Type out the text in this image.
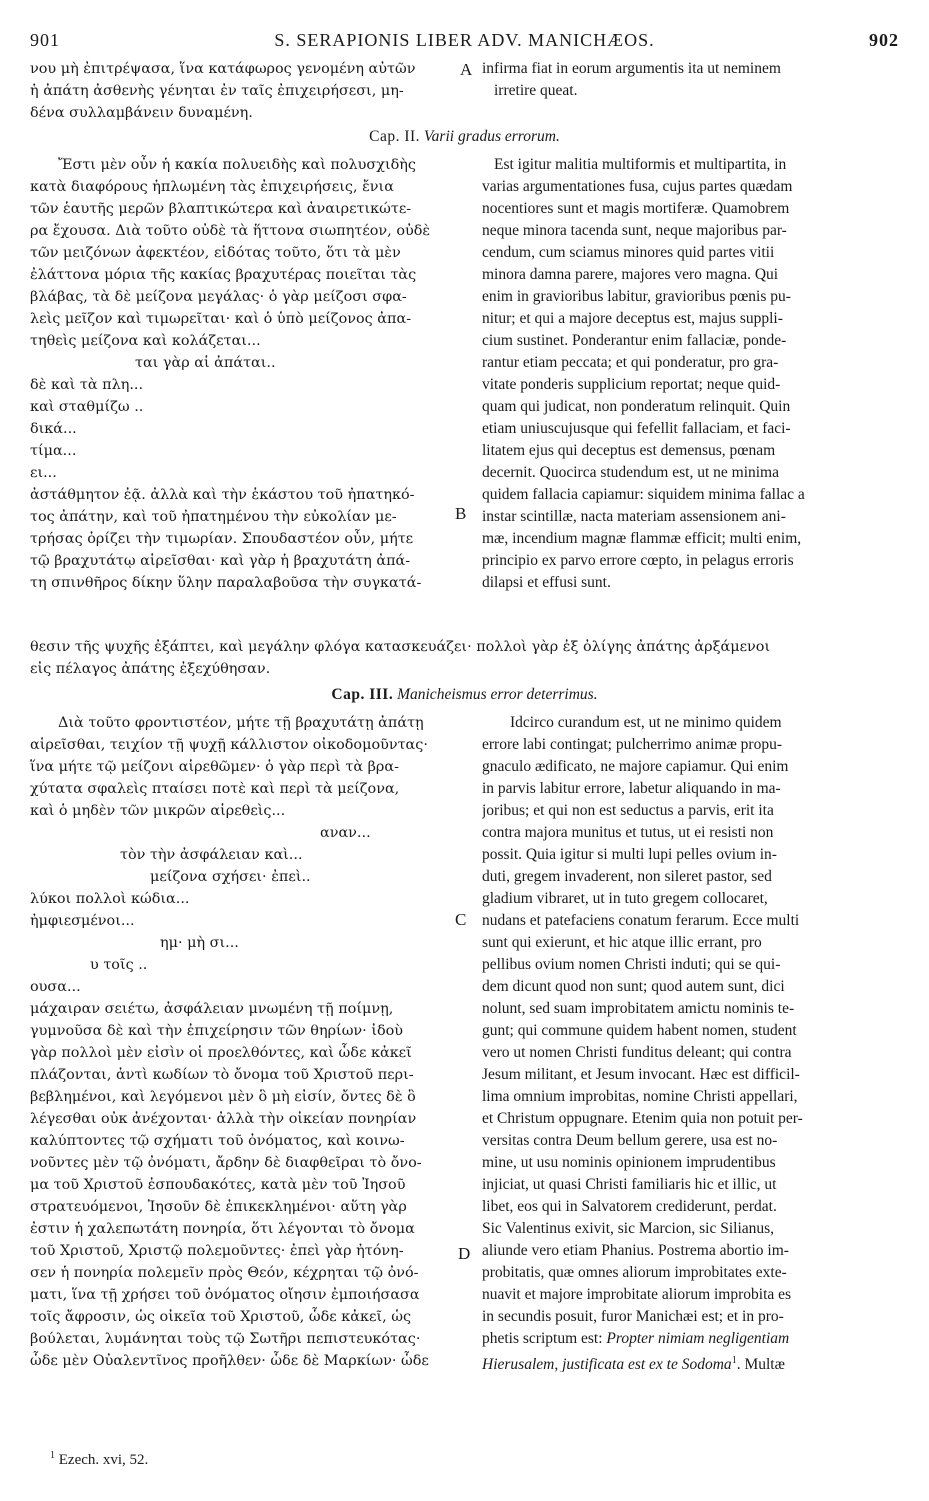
901	S. SERAPIONIS LIBER ADV. MANICHÆOS.	902
νου μὴ ἐπιτρέψασα, ἵνα κατάφωρος γενομένη αὐτῶν
ἡ ἀπάτη ἀσθενὴς γένηται ἐν ταῖς ἐπιχειρήσεσι, μη-
δένα συλλαμβάνειν δυναμένη.
A infirma fiat in eorum argumentis ita ut neminem
irretire queat.
Cap. II. Varii gradus errorum.
Ἔστι μὲν οὖν ἡ κακία πολυειδὴς καὶ πολυσχιδὴς
κατὰ διαφόρους ἡπλωμένη τὰς ἐπιχειρήσεις, ἔνια
τῶν ἑαυτῆς μερῶν βλαπτικώτερα καὶ ἀναιρετικώτε-
ρα ἔχουσα. Διὰ τοῦτο οὐδὲ τὰ ἥττονα σιωπητέον, οὐδὲ
τῶν μειζόνων ἀφεκτέον, εἰδότας τοῦτο, ὅτι τὰ μὲν
ἐλάττονα μόρια τῆς κακίας βραχυτέρας ποιεῖται τὰς
βλάβας, τὰ δὲ μείζονα μεγάλας· ὁ γὰρ μείζοσι σφα-
λεὶς μεῖζον καὶ τιμωρεῖται· καὶ ὁ ὑπὸ μείζονος ἀπα-
τηθεὶς μείζονα καὶ κολάζεται...
ται γὰρ αἱ ἀπάται..
δὲ καὶ τὰ πλη...
καὶ σταθμίζω ..
δικά...
τίμα...
ει...
ἀστάθμητον ἐᾷ. ἀλλὰ καὶ τὴν ἑκάστου τοῦ ἠπατηκό-
τος ἀπάτην, καὶ τοῦ ἠπατημένου τὴν εὐκολίαν με-
τρήσας ὁρίζει τὴν τιμωρίαν. Σπουδαστέον οὖν, μήτε
τῷ βραχυτάτῳ αἱρεῖσθαι· καὶ γὰρ ἡ βραχυτάτη ἀπά-
τη σπινθῆρος δίκην ὕλην παραλαβοῦσα τὴν συγκατά-
B
Est igitur malitia multiformis et multipartita, in
varias argumentationes fusa, cujus partes quædam
nocentiores sunt et magis mortiferæ. Quamobrem
neque minora tacenda sunt, neque majoribus par-
cendum, cum sciamus minores quid partes vitii
minora damna parere, majores vero magna. Qui
enim in gravioribus labitur, gravioribus pœnis pu-
nitur; et qui a majore deceptus est, majus suppli-
cium sustinet. Ponderantur enim fallaciæ, ponde-
rantur etiam peccata; et qui ponderatur, pro gra-
vitate ponderis supplicium reportat; neque quid-
quam qui judicat, non ponderatum relinquit. Quin
etiam uniuscujusque qui fefellit fallaciam, et faci-
litatem ejus qui deceptus est demensus, pœnam
decernit. Quocirca studendum est, ut ne minima
quidem fallacia capiamur: siquidem minima fallac a
instar scintillæ, nacta materiam assensionem ani-
mæ, incendium magnæ flammæ efficit; multi enim,
principio ex parvo errore cœpto, in pelagus erroris
dilapsi et effusi sunt.
θεσιν τῆς ψυχῆς ἐξάπτει, καὶ μεγάλην φλόγα κατασκευάζει· πολλοὶ γὰρ ἐξ ὀλίγης ἀπάτης ἀρξάμενοι
εἰς πέλαγος ἀπάτης ἐξεχύθησαν.
Cap. III. Manicheismus error deterrimus.
Διὰ τοῦτο φροντιστέον, μήτε τῇ βραχυτάτῃ ἀπάτῃ
αἱρεῖσθαι, τειχίον τῇ ψυχῇ κάλλιστον οἰκοδομοῦντας·
ἵνα μήτε τῷ μείζονι αἱρεθῶμεν· ὁ γὰρ περὶ τὰ βρα-
χύτατα σφαλεὶς πταίσει ποτὲ καὶ περὶ τὰ μείζονα,
καὶ ὁ μηδὲν τῶν μικρῶν αἱρεθεὶς...
αναν...
τὸν τὴν ἀσφάλειαν καὶ...
μείζονα σχήσει· ἐπεὶ..
λύκοι πολλοὶ κώδια...
ἠμφιεσμένοι...
ημ· μὴ σι...
υ τοῖς ..
ουσα...
μάχαιραν σειέτω, ἀσφάλειαν μνωμένη τῇ ποίμνῃ,
γυμνοῦσα δὲ καὶ τὴν ἐπιχείρησιν τῶν θηρίων· ἰδοὺ
γὰρ πολλοὶ μὲν εἰσὶν οἱ προελθόντες, καὶ ὧδε κἀκεῖ
πλάζονται, ἀντὶ κωδίων τὸ ὄνομα τοῦ Χριστοῦ περι-
βεβλημένοι, καὶ λεγόμενοι μὲν ὃ μὴ εἰσίν, ὄντες δὲ ὃ
λέγεσθαι οὐκ ἀνέχονται· ἀλλὰ τὴν οἰκείαν πονηρίαν
καλύπτοντες τῷ σχήματι τοῦ ὀνόματος, καὶ κοινω-
νοῦντες μὲν τῷ ὀνόματι, ἄρδην δὲ διαφθεῖραι τὸ ὄνο-
μα τοῦ Χριστοῦ ἐσπουδακότες, κατὰ μὲν τοῦ Ἰησοῦ
στρατευόμενοι, Ἰησοῦν δὲ ἐπικεκλημένοι· αὕτη γὰρ
ἐστιν ἡ χαλεπωτάτη πονηρία, ὅτι λέγονται τὸ ὄνομα
τοῦ Χριστοῦ, Χριστῷ πολεμοῦντες· ἐπεὶ γὰρ ἠτόνη-
σεν ἡ πονηρία πολεμεῖν πρὸς Θεόν, κέχρηται τῷ ὀνό-
ματι, ἵνα τῇ χρήσει τοῦ ὀνόματος οἴησιν ἐμποιήσασα
τοῖς ἄφροσιν, ὡς οἰκεῖα τοῦ Χριστοῦ, ὧδε κἀκεῖ, ὡς
βούλεται, λυμάνηται τοὺς τῷ Σωτῆρι πεπιστευκότας·
ὧδε μὲν Οὐαλεντῖνος προῆλθεν· ὧδε δὲ Μαρκίων· ὧδε
C
D
Idcirco curandum est, ut ne minimo quidem
errore labi contingat; pulcherrimo animæ propu-
gnaculo ædificato, ne majore capiamur. Qui enim
in parvis labitur errore, labetur aliquando in ma-
joribus; et qui non est seductus a parvis, erit ita
contra majora munitus et tutus, ut ei resisti non
possit. Quia igitur si multi lupi pelles ovium in-
duti, gregem invaderent, non sileret pastor, sed
gladium vibraret, ut in tuto gregem collocaret,
nudans et patefaciens conatum ferarum. Ecce multi
sunt qui exierunt, et hic atque illic errant, pro
pellibus ovium nomen Christi induti; qui se qui-
dem dicunt quod non sunt; quod autem sunt, dici
nolunt, sed suam improbitatem amictu nominis te-
gunt; qui commune quidem habent nomen, student
vero ut nomen Christi funditus deleant; qui contra
Jesum militant, et Jesum invocant. Hæc est difficil-
lima omnium improbitas, nomine Christi appellari,
et Christum oppugnare. Etenim quia non potuit per-
versitas contra Deum bellum gerere, usa est no-
mine, ut usu nominis opinionem imprudentibus
injiciat, ut quasi Christi familiaris hic et illic, ut
libet, eos qui in Salvatorem crediderunt, perdat.
Sic Valentinus exivit, sic Marcion, sic Silianus,
aliunde vero etiam Phanius. Postrema abortio im-
probitatis, quæ omnes aliorum improbitates exte-
nuavit et majore improbitate aliorum improbita es
in secundis posuit, furor Manichæi est; et in pro-
phetis scriptum est: Propter nimiam negligentiam
Hierusalem, justificata est ex te Sodoma$^1$. Multæ
$^1$ Ezech. xvi, 52.
